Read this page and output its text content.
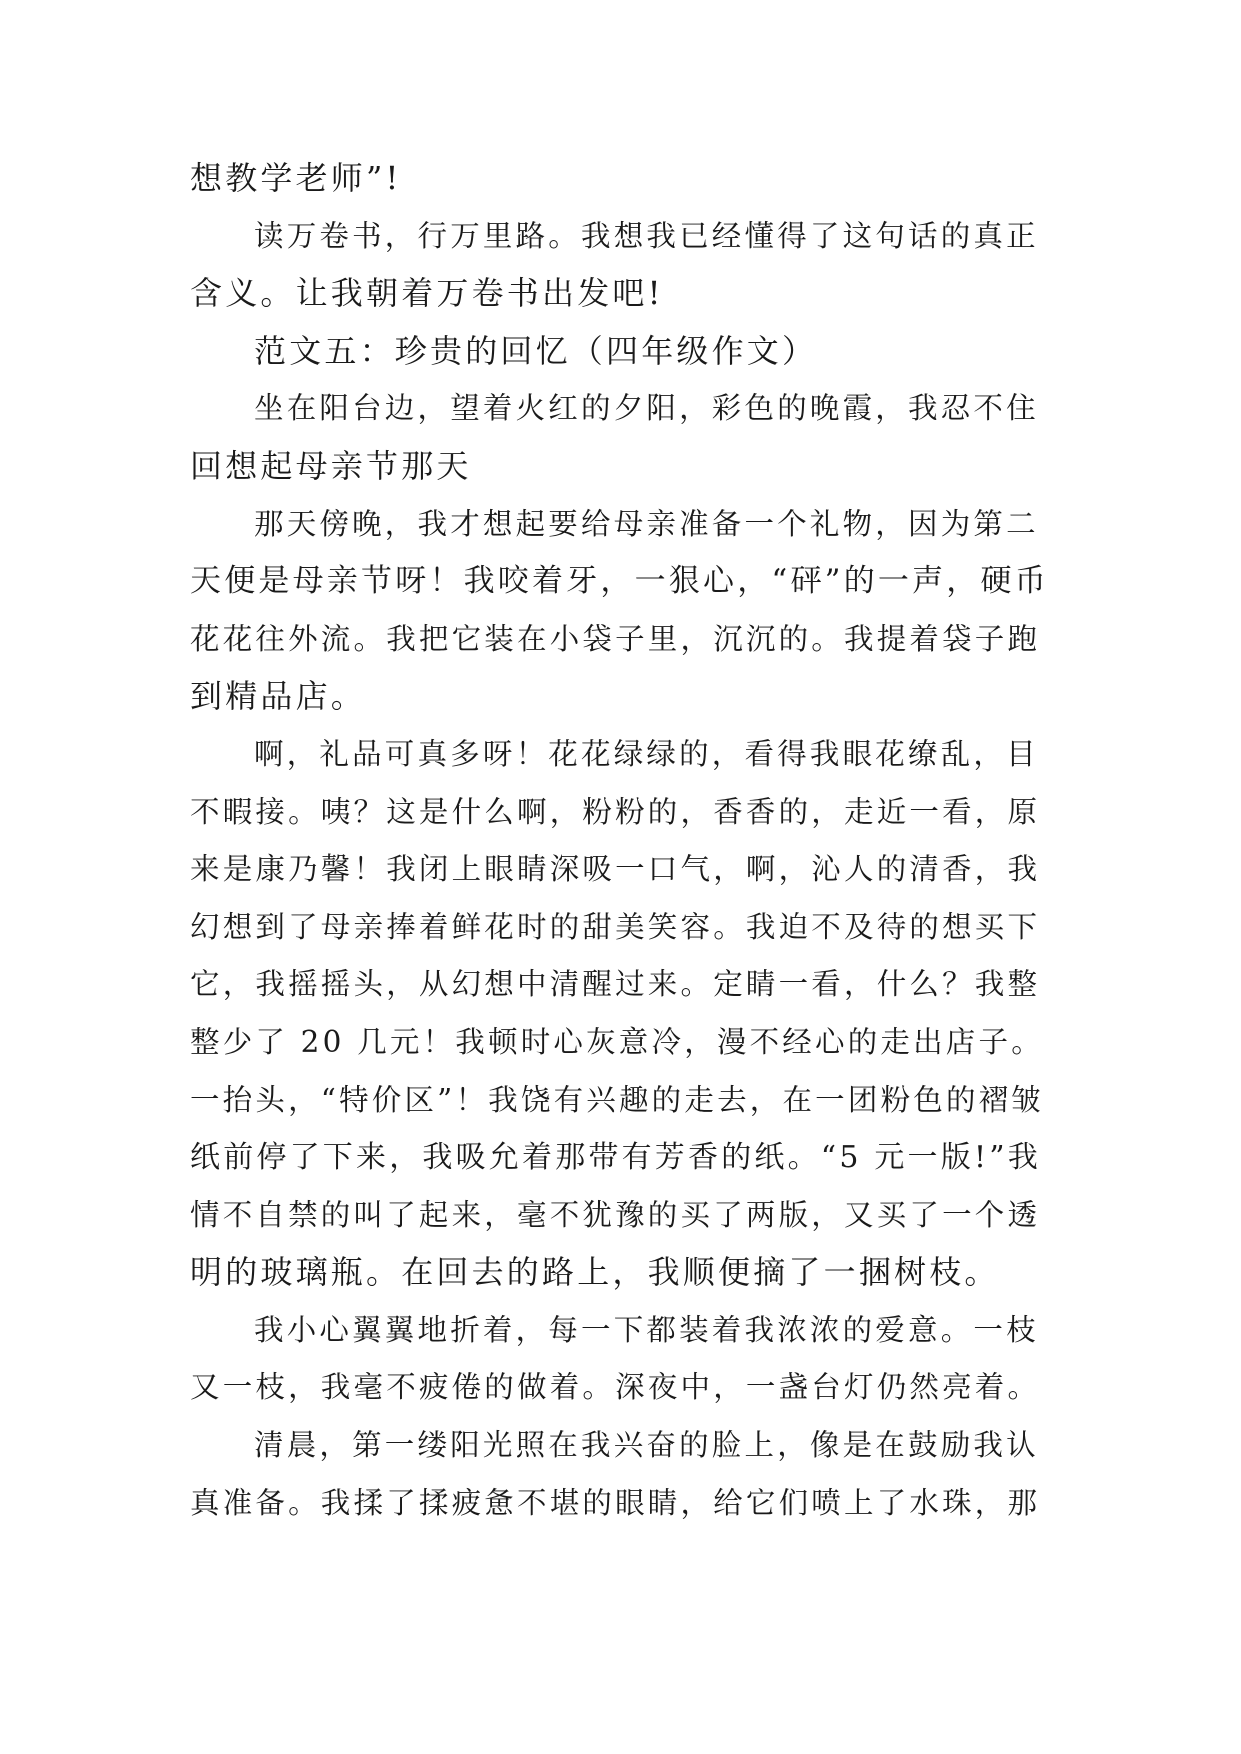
想教学老师”!
读万卷书，行万里路。我想我已经懂得了这句话的真正
含义。让我朝着万卷书出发吧!
范文五：珍贵的回忆（四年级作文）
坐在阳台边，望着火红的夕阳，彩色的晚霞，我忍不住
回想起母亲节那天
那天傍晚，我才想起要给母亲准备一个礼物，因为第二
天便是母亲节呀！我咬着牙，一狠心，“砰”的一声，硬币
花花往外流。我把它装在小袋子里，沉沉的。我提着袋子跑
到精品店。
啊，礼品可真多呀！花花绿绿的，看得我眼花缭乱，目
不暇接。咦？这是什么啊，粉粉的，香香的，走近一看，原
来是康乃馨！我闭上眼睛深吸一口气，啊，沁人的清香，我
幻想到了母亲捧着鲜花时的甜美笑容。我迫不及待的想买下
它，我摇摇头，从幻想中清醒过来。定睛一看，什么？我整
整少了 20 几元！我顿时心灰意冷，漫不经心的走出店子。
一抬头，“特价区”！我饶有兴趣的走去，在一团粉色的褶皱
纸前停了下来，我吸允着那带有芳香的纸。“5 元一版!”我
情不自禁的叫了起来，毫不犹豫的买了两版，又买了一个透
明的玻璃瓶。在回去的路上，我顺便摘了一捆树枝。
我小心翼翼地折着，每一下都装着我浓浓的爱意。一枝
又一枝，我毫不疲倦的做着。深夜中，一盏台灯仍然亮着。
清晨，第一缕阳光照在我兴奋的脸上，像是在鼓励我认
真准备。我揉了揉疲惫不堪的眼睛，给它们喷上了水珠，那
